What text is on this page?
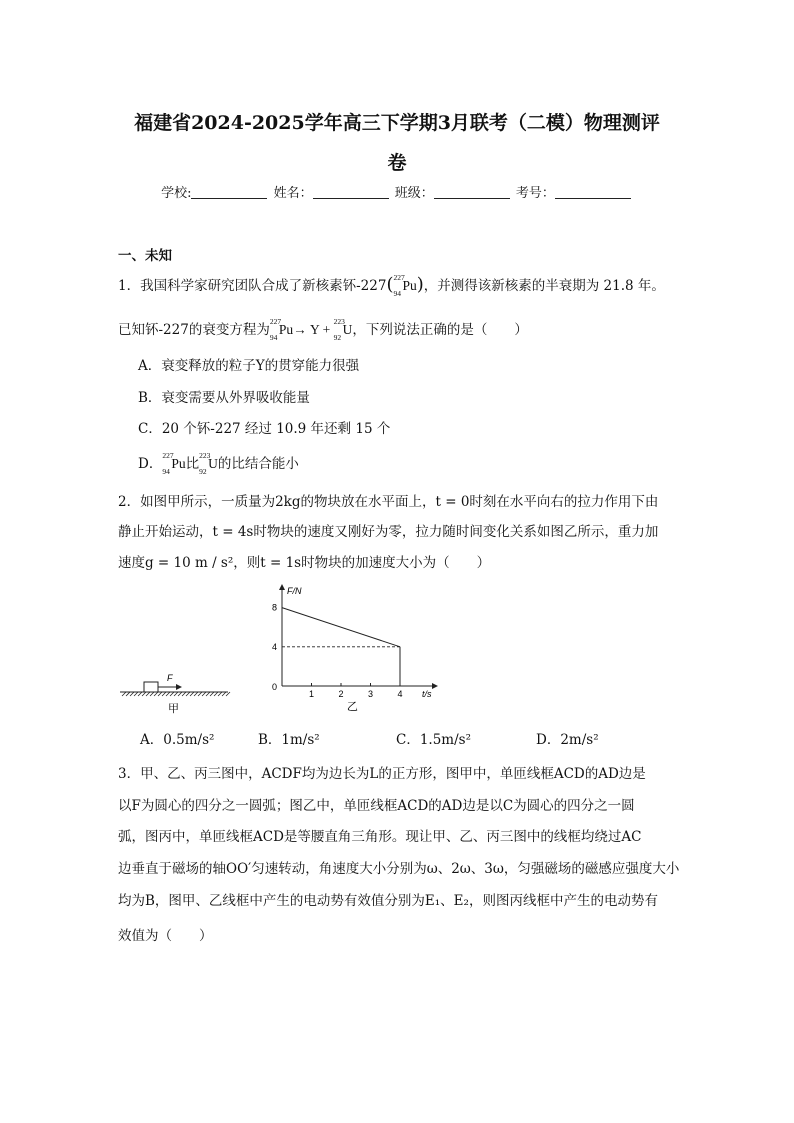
福建省2024-2025学年高三下学期3月联考（二模）物理测评
卷
学校:	姓名：	班级：	考号：
一、未知
1．我国科学家研究团队合成了新核素钚-227( 227
94
Pu)，并测得该新核素的半衰期为 21.8 年。
已知钚-227的衰变方程为
227
94
Pu→ Y +
223
92
U，下列说法正确的是（　　）
A．衰变释放的粒子Y的贯穿能力很强
B．衰变需要从外界吸收能量
C．20 个钚-227 经过 10.9 年还剩 15 个
D．
227
94
Pu比
223
92
U的比结合能小
2．如图甲所示，一质量为2kg的物块放在水平面上，t = 0时刻在水平向右的拉力作用下由
静止开始运动，t = 4s时物块的速度又刚好为零，拉力随时间变化关系如图乙所示，重力加
速度g = 10 m / s²，则t = 1s时物块的加速度大小为（　　）
F
甲
F/N
t/s
0
1	2	3	4
4
8
乙
A．0.5m/s²	B．1m/s²	C．1.5m/s²	D．2m/s²
3．甲、乙、丙三图中，ACDF均为边长为L的正方形，图甲中，单匝线框ACD的AD边是
以F为圆心的四分之一圆弧；图乙中，单匝线框ACD的AD边是以C为圆心的四分之一圆
弧，图丙中，单匝线框ACD是等腰直角三角形。现让甲、乙、丙三图中的线框均绕过AC
边垂直于磁场的轴OO′匀速转动，角速度大小分别为ω、2ω、3ω，匀强磁场的磁感应强度大小
均为B，图甲、乙线框中产生的电动势有效值分别为E₁、E₂，则图丙线框中产生的电动势有
效值为（　　）
